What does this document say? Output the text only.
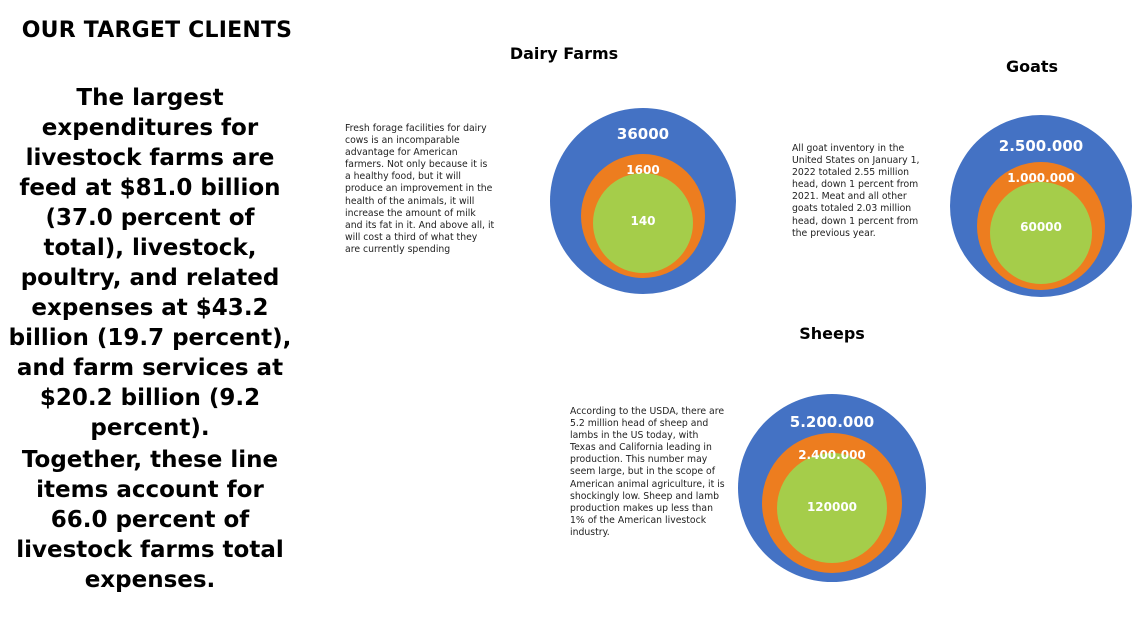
OUR TARGET CLIENTS
The largest expenditures for livestock farms are feed at $81.0 billion (37.0 percent of total), livestock, poultry, and related expenses at $43.2 billion (19.7 percent), and farm services at $20.2 billion (9.2 percent).
Together, these line items account for 66.0 percent of livestock farms total expenses.
Dairy Farms
Fresh forage facilities for dairy cows is an incomparable advantage for American farmers. Not only because it is a healthy food, but it will produce an improvement in the health of the animals, it will increase the amount of milk and its fat in it. And above all, it will cost a third of what they are currently spending
36000
1600
140
Goats
All goat inventory in the United States on January 1, 2022 totaled 2.55 million head, down 1 percent from 2021. Meat and all other goats totaled 2.03 million head, down 1 percent from the previous year.
2.500.000
1.000.000
60000
Sheeps
According to the USDA, there are 5.2 million head of sheep and lambs in the US today, with Texas and California leading in production. This number may seem large, but in the scope of American animal agriculture, it is shockingly low. Sheep and lamb production makes up less than 1% of the American livestock industry.
5.200.000
2.400.000
120000
